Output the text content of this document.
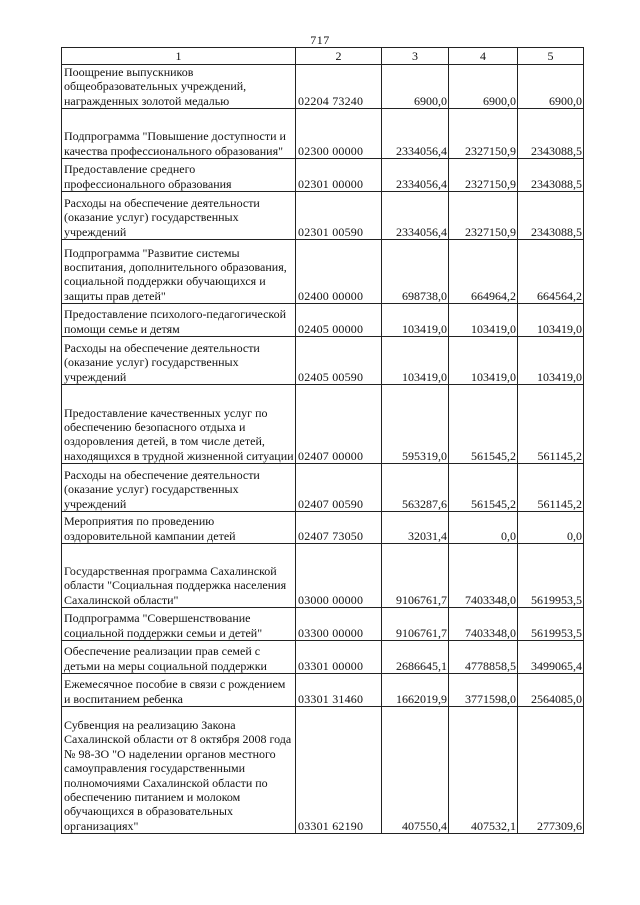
717
1	2	3	4	5
Поощрение выпускников общеобразовательных учреждений, награжденных золотой медалью	02204 73240	6900,0	6900,0	6900,0
Подпрограмма "Повышение доступности и качества профессионального образования"	02300 00000	2334056,4	2327150,9	2343088,5
Предоставление среднего профессионального образования	02301 00000	2334056,4	2327150,9	2343088,5
Расходы на обеспечение деятельности (оказание услуг) государственных учреждений	02301 00590	2334056,4	2327150,9	2343088,5
Подпрограмма "Развитие системы воспитания, дополнительного образования, социальной поддержки обучающихся и защиты прав детей"	02400 00000	698738,0	664964,2	664564,2
Предоставление психолого-педагогической помощи семье и детям	02405 00000	103419,0	103419,0	103419,0
Расходы на обеспечение деятельности (оказание услуг) государственных учреждений	02405 00590	103419,0	103419,0	103419,0
Предоставление качественных услуг по обеспечению безопасного отдыха и оздоровления детей, в том числе детей, находящихся в трудной жизненной ситуации	02407 00000	595319,0	561545,2	561145,2
Расходы на обеспечение деятельности (оказание услуг) государственных учреждений	02407 00590	563287,6	561545,2	561145,2
Мероприятия по проведению оздоровительной кампании детей	02407 73050	32031,4	0,0	0,0
Государственная программа Сахалинской области "Социальная поддержка населения Сахалинской области"	03000 00000	9106761,7	7403348,0	5619953,5
Подпрограмма "Совершенствование социальной поддержки семьи и детей"	03300 00000	9106761,7	7403348,0	5619953,5
Обеспечение реализации прав семей с детьми на меры социальной поддержки	03301 00000	2686645,1	4778858,5	3499065,4
Ежемесячное пособие в связи с рождением и воспитанием ребенка	03301 31460	1662019,9	3771598,0	2564085,0
Субвенция на реализацию Закона Сахалинской области от 8 октября 2008 года № 98-ЗО "О наделении органов местного самоуправления государственными полномочиями Сахалинской области по обеспечению питанием и молоком обучающихся в образовательных организациях"	03301 62190	407550,4	407532,1	277309,6
